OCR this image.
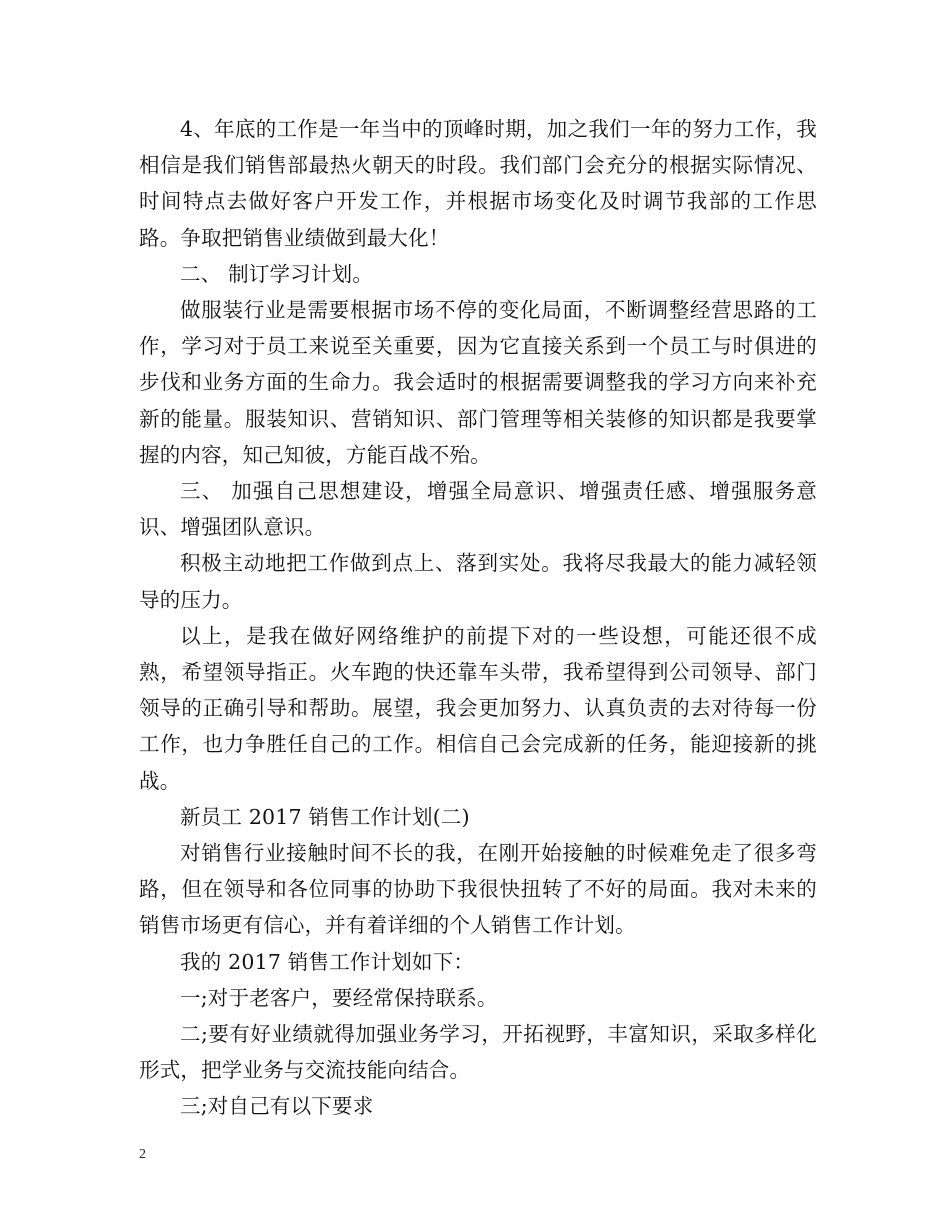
4、年底的工作是一年当中的顶峰时期，加之我们一年的努力工作，我相信是我们销售部最热火朝天的时段。我们部门会充分的根据实际情况、时间特点去做好客户开发工作，并根据市场变化及时调节我部的工作思路。争取把销售业绩做到最大化！

二、 制订学习计划。

做服装行业是需要根据市场不停的变化局面，不断调整经营思路的工作，学习对于员工来说至关重要，因为它直接关系到一个员工与时俱进的步伐和业务方面的生命力。我会适时的根据需要调整我的学习方向来补充新的能量。服装知识、营销知识、部门管理等相关装修的知识都是我要掌握的内容，知己知彼，方能百战不殆。

三、 加强自己思想建设，增强全局意识、增强责任感、增强服务意识、增强团队意识。

积极主动地把工作做到点上、落到实处。我将尽我最大的能力减轻领导的压力。

以上，是我在做好网络维护的前提下对的一些设想，可能还很不成熟，希望领导指正。火车跑的快还靠车头带，我希望得到公司领导、部门领导的正确引导和帮助。展望，我会更加努力、认真负责的去对待每一份工作，也力争胜任自己的工作。相信自己会完成新的任务，能迎接新的挑战。

新员工 2017 销售工作计划(二)

对销售行业接触时间不长的我，在刚开始接触的时候难免走了很多弯路，但在领导和各位同事的协助下我很快扭转了不好的局面。我对未来的销售市场更有信心，并有着详细的个人销售工作计划。

我的 2017 销售工作计划如下：

一;对于老客户，要经常保持联系。

二;要有好业绩就得加强业务学习，开拓视野，丰富知识，采取多样化形式，把学业务与交流技能向结合。

三;对自己有以下要求

2
